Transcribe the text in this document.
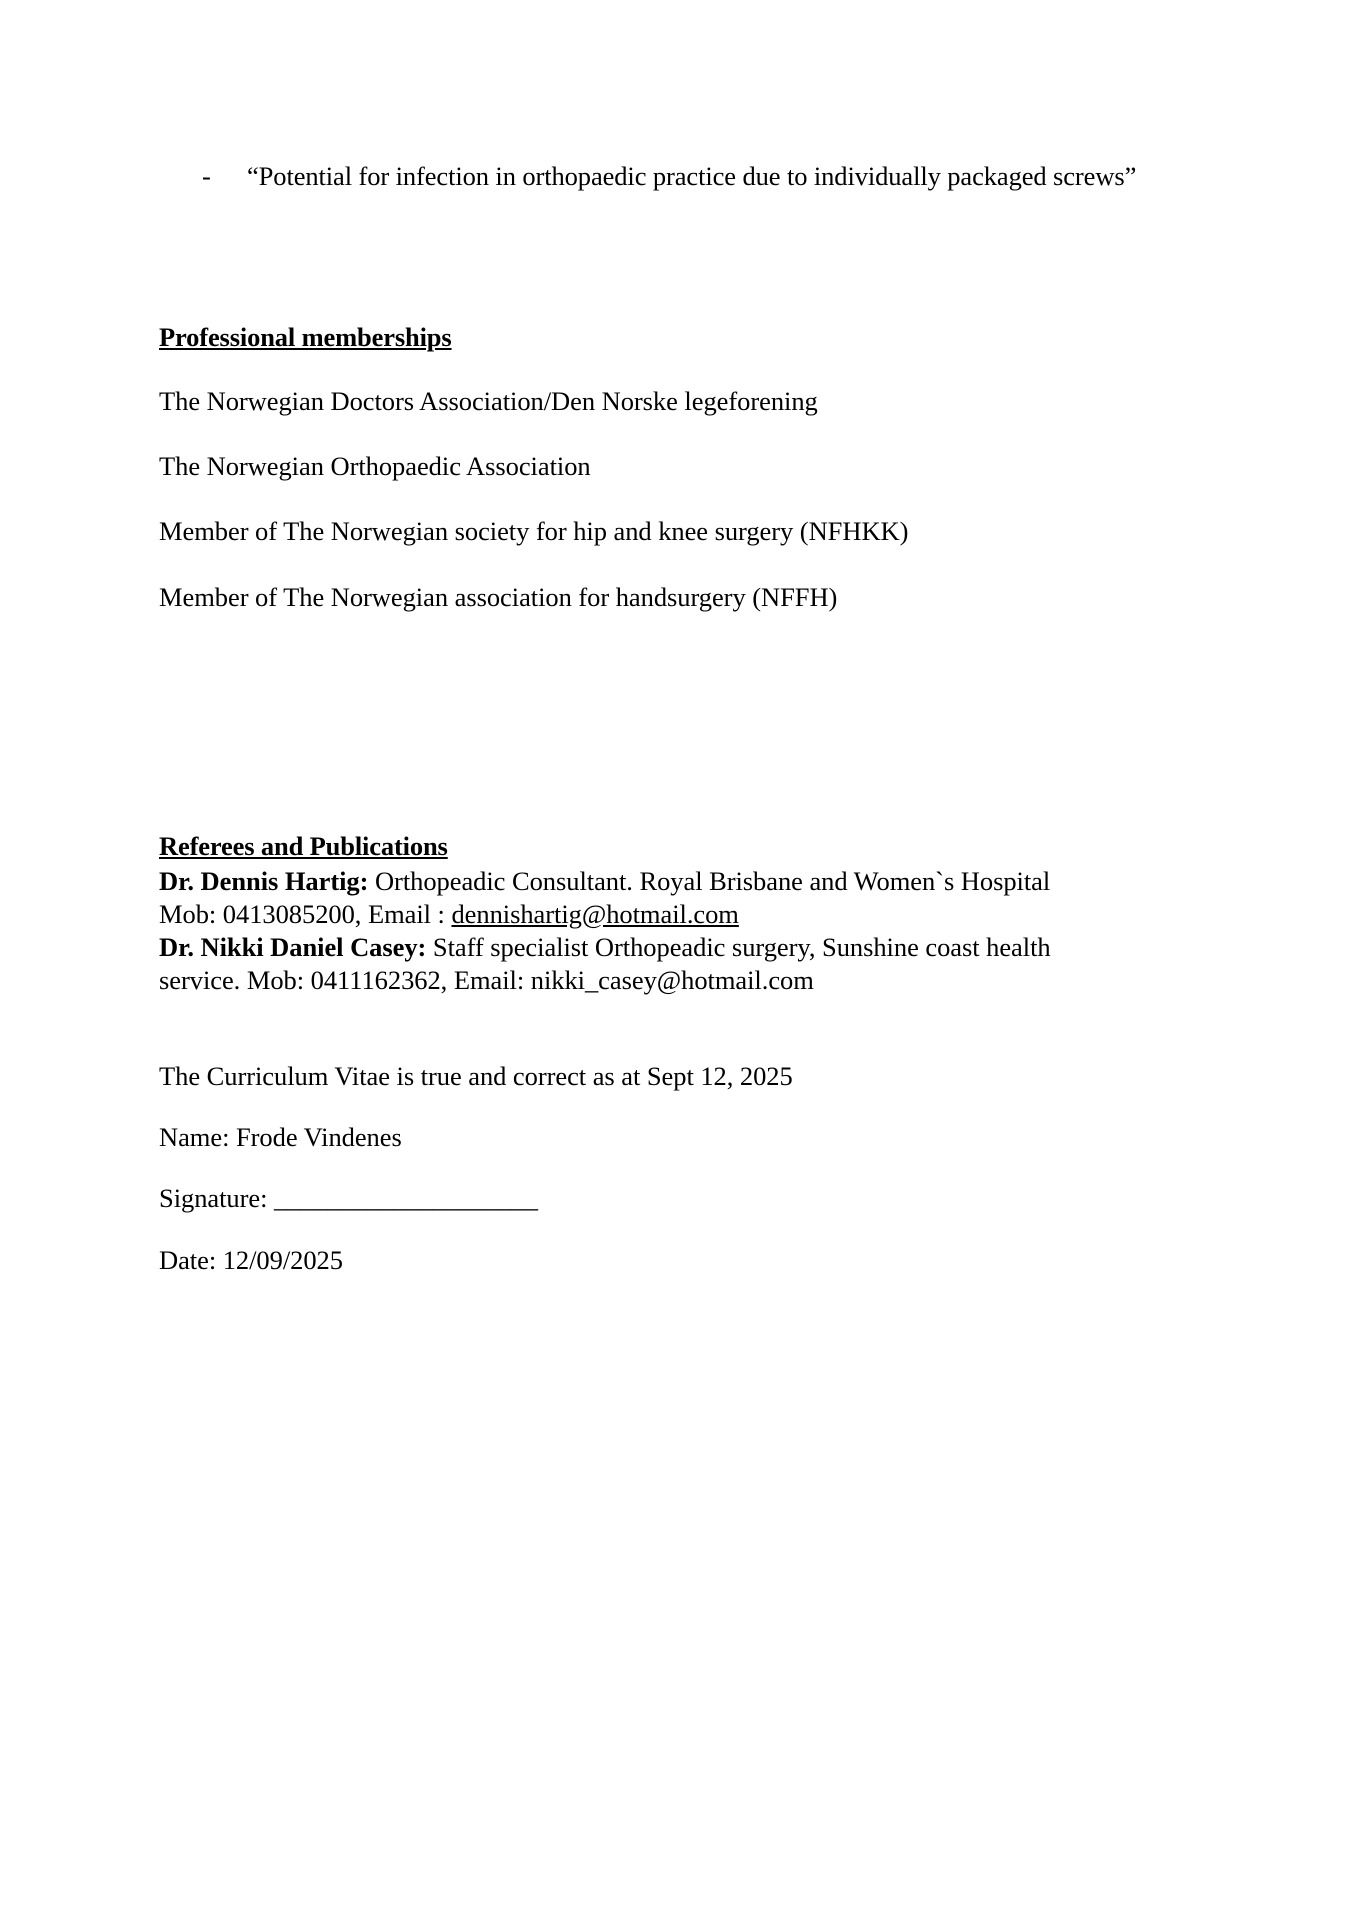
- “Potential for infection in orthopaedic practice due to individually packaged screws”
Professional memberships
The Norwegian Doctors Association/Den Norske legeforening
The Norwegian Orthopaedic Association
Member of The Norwegian society for hip and knee surgery (NFHKK)
Member of The Norwegian association for handsurgery (NFFH)
Referees and Publications
Dr. Dennis Hartig: Orthopeadic Consultant. Royal Brisbane and Women`s Hospital
Mob: 0413085200, Email : dennishartig@hotmail.com
Dr. Nikki Daniel Casey: Staff specialist Orthopeadic surgery, Sunshine coast health
service. Mob: 0411162362, Email: nikki_casey@hotmail.com
The Curriculum Vitae is true and correct as at Sept 12, 2025
Name: Frode Vindenes
Signature: ____________________
Date: 12/09/2025
